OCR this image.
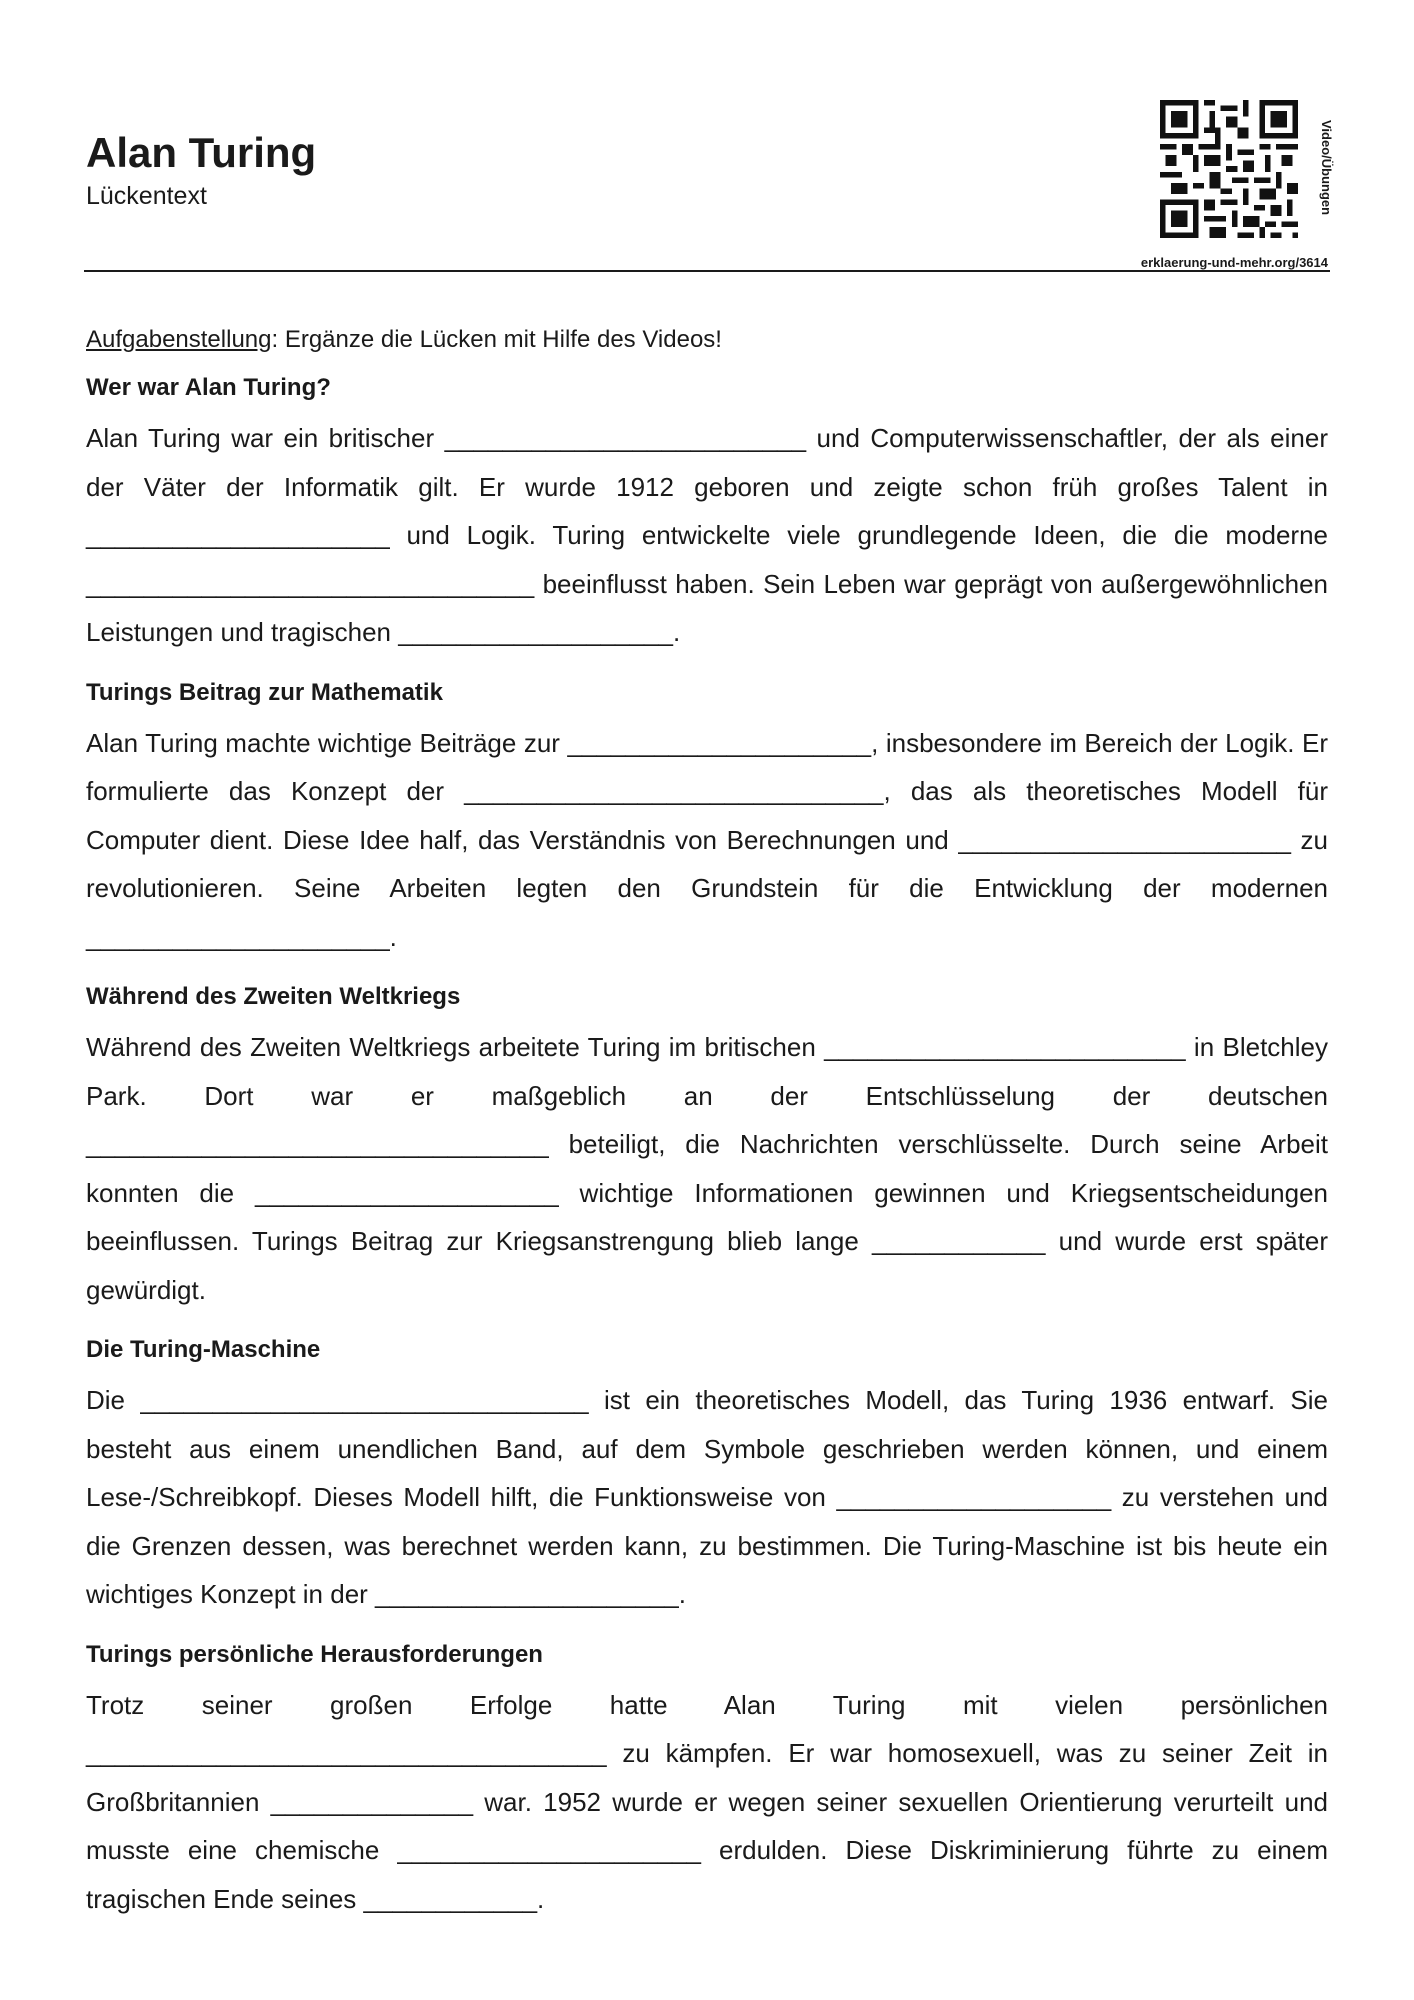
Alan Turing
Lückentext	Video/Übungen
erklaerung-und-mehr.org/3614

Aufgabenstellung: Ergänze die Lücken mit Hilfe des Videos!

Wer war Alan Turing?

Alan Turing war ein britischer _________________________ und Computerwissenschaftler, der als einer der Väter der Informatik gilt. Er wurde 1912 geboren und zeigte schon früh großes Talent in _____________________ und Logik. Turing entwickelte viele grundlegende Ideen, die die moderne _______________________________ beeinflusst haben. Sein Leben war geprägt von außergewöhnlichen Leistungen und tragischen ___________________.

Turings Beitrag zur Mathematik

Alan Turing machte wichtige Beiträge zur _____________________, insbesondere im Bereich der Logik. Er formulierte das Konzept der _____________________________, das als theoretisches Modell für Computer dient. Diese Idee half, das Verständnis von Berechnungen und _______________________ zu revolutionieren. Seine Arbeiten legten den Grundstein für die Entwicklung der modernen _____________________.

Während des Zweiten Weltkriegs

Während des Zweiten Weltkriegs arbeitete Turing im britischen _________________________ in Bletchley Park. Dort war er maßgeblich an der Entschlüsselung der deutschen ________________________________ beteiligt, die Nachrichten verschlüsselte. Durch seine Arbeit konnten die _____________________ wichtige Informationen gewinnen und Kriegsentscheidungen beeinflussen. Turings Beitrag zur Kriegsanstrengung blieb lange ____________ und wurde erst später gewürdigt.

Die Turing-Maschine

Die _______________________________ ist ein theoretisches Modell, das Turing 1936 entwarf. Sie besteht aus einem unendlichen Band, auf dem Symbole geschrieben werden können, und einem Lese-/Schreibkopf. Dieses Modell hilft, die Funktionsweise von ___________________ zu verstehen und die Grenzen dessen, was berechnet werden kann, zu bestimmen. Die Turing-Maschine ist bis heute ein wichtiges Konzept in der _____________________.

Turings persönliche Herausforderungen

Trotz seiner großen Erfolge hatte Alan Turing mit vielen persönlichen ____________________________________ zu kämpfen. Er war homosexuell, was zu seiner Zeit in Großbritannien ______________ war. 1952 wurde er wegen seiner sexuellen Orientierung verurteilt und musste eine chemische _____________________ erdulden. Diese Diskriminierung führte zu einem tragischen Ende seines ____________.
